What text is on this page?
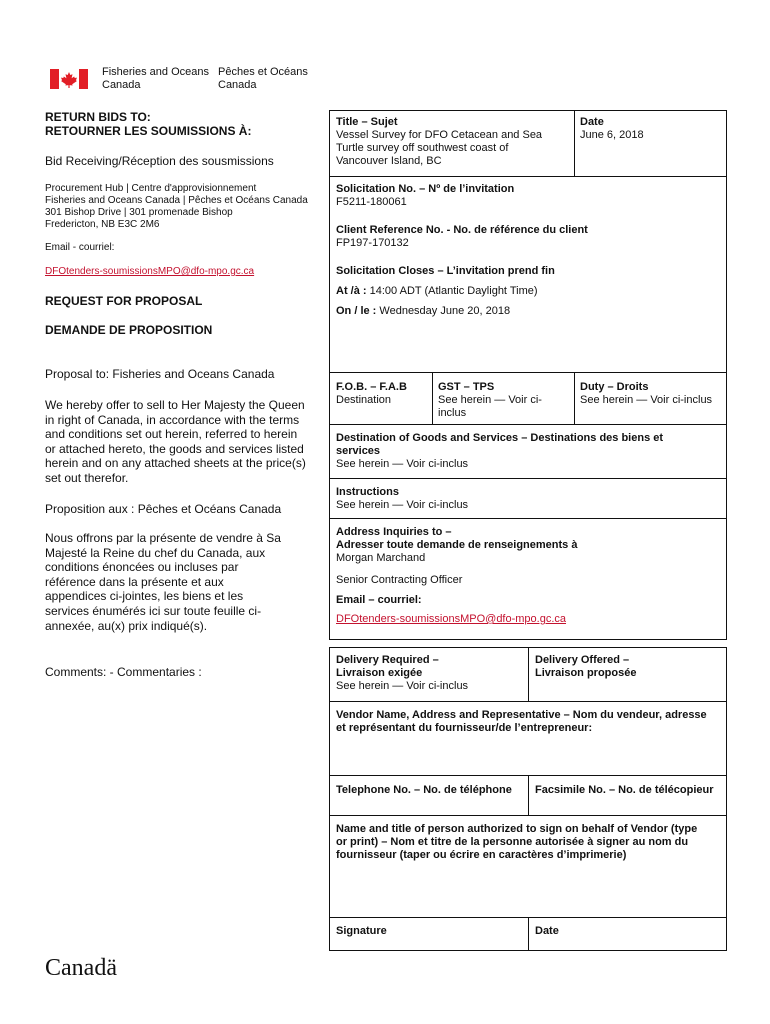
Fisheries and Oceans
Canada
Pêches et Océans
Canada
RETURN BIDS TO:
RETOURNER LES SOUMISSIONS À:
Bid Receiving/Réception des sousmissions
Procurement Hub | Centre d'approvisionnement
Fisheries and Oceans Canada | Pêches et Océans Canada
301 Bishop Drive | 301 promenade Bishop
Fredericton, NB E3C 2M6
Email - courriel:
DFOtenders-soumissionsMPO@dfo-mpo.gc.ca
REQUEST FOR PROPOSAL
DEMANDE DE PROPOSITION
Proposal to: Fisheries and Oceans Canada
We hereby offer to sell to Her Majesty the Queen
in right of Canada, in accordance with the terms
and conditions set out herein, referred to herein
or attached hereto, the goods and services listed
herein and on any attached sheets at the price(s)
set out therefor.
Proposition aux : Pêches et Océans Canada
Nous offrons par la présente de vendre à Sa
Majesté la Reine du chef du Canada, aux
conditions énoncées ou incluses par
référence dans la présente et aux
appendices ci-jointes, les biens et les
services énumérés ici sur toute feuille ci-
annexée, au(x) prix indiqué(s).
Comments: - Commentaries :
Title – Sujet
Vessel Survey for DFO Cetacean and Sea
Turtle survey off southwest coast of
Vancouver Island, BC
Date
June 6, 2018
Solicitation No. – Nº de l’invitation
F5211-180061
Client Reference No. - No. de référence du client
FP197-170132
Solicitation Closes – L’invitation prend fin
At /à : 14:00 ADT (Atlantic Daylight Time)
On / le : Wednesday June 20, 2018
F.O.B. – F.A.B
Destination
GST – TPS
See herein — Voir ci-
inclus
Duty – Droits
See herein — Voir ci-inclus
Destination of Goods and Services – Destinations des biens et
services
See herein — Voir ci-inclus
Instructions
See herein — Voir ci-inclus
Address Inquiries to –
Adresser toute demande de renseignements à
Morgan Marchand
Senior Contracting Officer
Email – courriel:
DFOtenders-soumissionsMPO@dfo-mpo.gc.ca
Delivery Required –
Livraison exigée
See herein — Voir ci-inclus
Delivery Offered –
Livraison proposée
Vendor Name, Address and Representative – Nom du vendeur, adresse
et représentant du fournisseur/de l’entrepreneur:
Telephone No. – No. de téléphone Facsimile No. – No. de télécopieur
Name and title of person authorized to sign on behalf of Vendor (type
or print) – Nom et titre de la personne autorisée à signer au nom du
fournisseur (taper ou écrire en caractères d’imprimerie)
Signature	Date
Canadä
